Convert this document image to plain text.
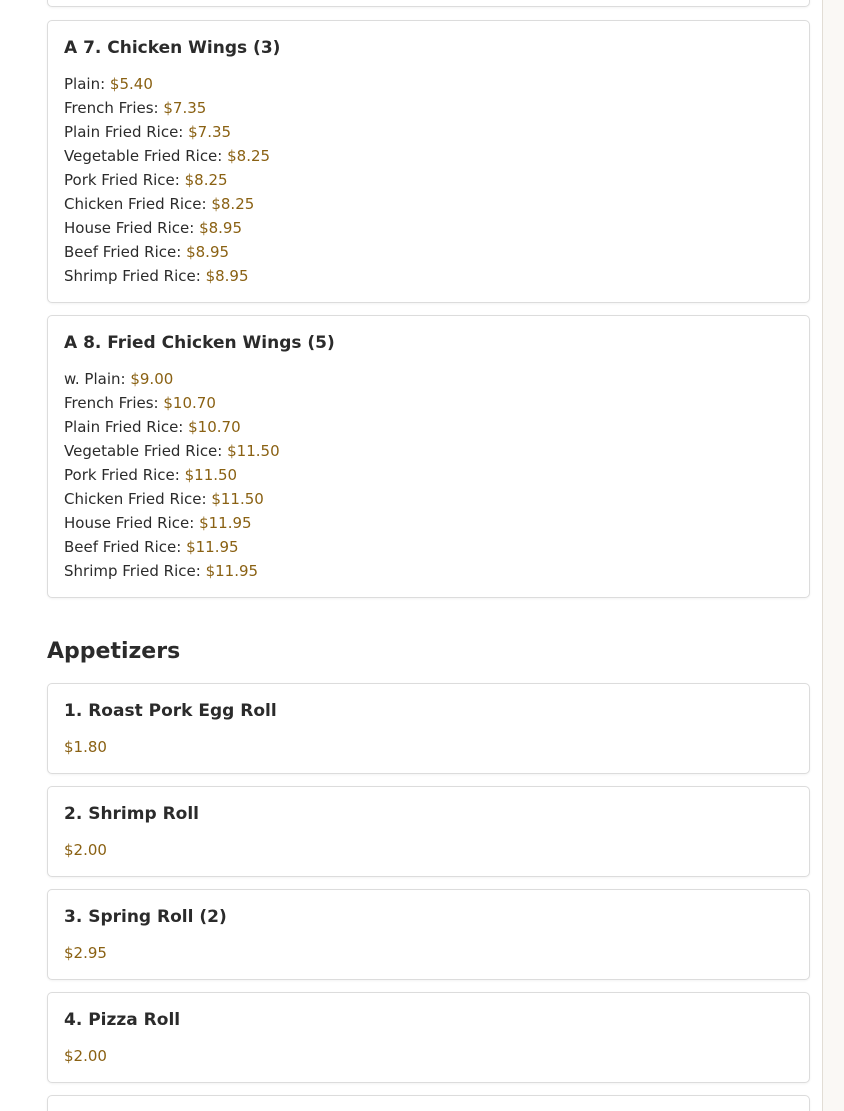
A 7. Chicken Wings (3)
Plain: $5.40
French Fries: $7.35
Plain Fried Rice: $7.35
Vegetable Fried Rice: $8.25
Pork Fried Rice: $8.25
Chicken Fried Rice: $8.25
House Fried Rice: $8.95
Beef Fried Rice: $8.95
Shrimp Fried Rice: $8.95
A 8. Fried Chicken Wings (5)
w. Plain: $9.00
French Fries: $10.70
Plain Fried Rice: $10.70
Vegetable Fried Rice: $11.50
Pork Fried Rice: $11.50
Chicken Fried Rice: $11.50
House Fried Rice: $11.95
Beef Fried Rice: $11.95
Shrimp Fried Rice: $11.95
Appetizers
1. Roast Pork Egg Roll
$1.80
2. Shrimp Roll
$2.00
3. Spring Roll (2)
$2.95
4. Pizza Roll
$2.00
